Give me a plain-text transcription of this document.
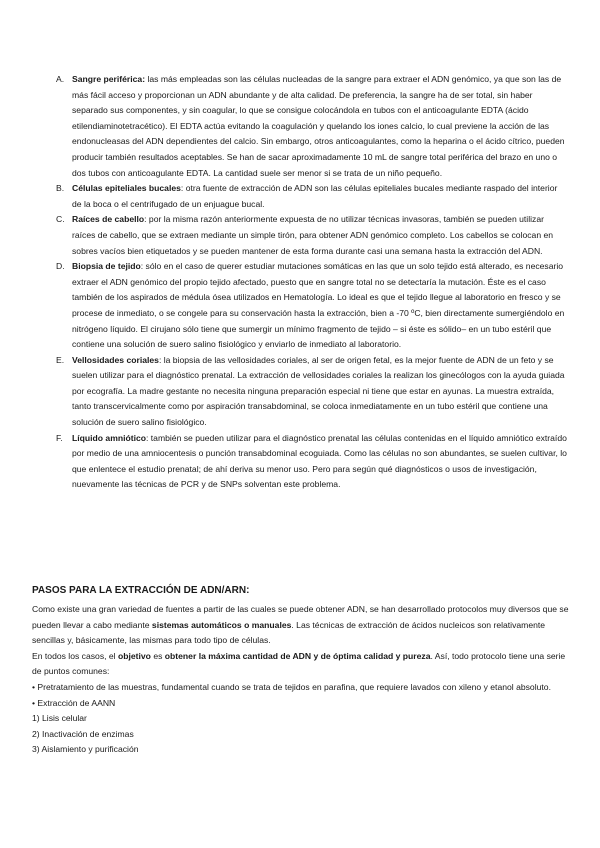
A. Sangre periférica: las más empleadas son las células nucleadas de la sangre para extraer el ADN genómico, ya que son las de más fácil acceso y proporcionan un ADN abundante y de alta calidad. De preferencia, la sangre ha de ser total, sin haber separado sus componentes, y sin coagular, lo que se consigue colocándola en tubos con el anticoagulante EDTA (ácido etilendiaminotetracético). El EDTA actúa evitando la coagulación y quelando los iones calcio, lo cual previene la acción de las endonucleasas del ADN dependientes del calcio. Sin embargo, otros anticoagulantes, como la heparina o el ácido cítrico, pueden producir también resultados aceptables. Se han de sacar aproximadamente 10 mL de sangre total periférica del brazo en uno o dos tubos con anticoagulante EDTA. La cantidad suele ser menor si se trata de un niño pequeño.
B. Células epiteliales bucales: otra fuente de extracción de ADN son las células epiteliales bucales mediante raspado del interior de la boca o el centrifugado de un enjuague bucal.
C. Raíces de cabello: por la misma razón anteriormente expuesta de no utilizar técnicas invasoras, también se pueden utilizar raíces de cabello, que se extraen mediante un simple tirón, para obtener ADN genómico completo. Los cabellos se colocan en sobres vacíos bien etiquetados y se pueden mantener de esta forma durante casi una semana hasta la extracción del ADN.
D. Biopsia de tejido: sólo en el caso de querer estudiar mutaciones somáticas en las que un solo tejido está alterado, es necesario extraer el ADN genómico del propio tejido afectado, puesto que en sangre total no se detectaría la mutación. Éste es el caso también de los aspirados de médula ósea utilizados en Hematología. Lo ideal es que el tejido llegue al laboratorio en fresco y se procese de inmediato, o se congele para su conservación hasta la extracción, bien a -70 ºC, bien directamente sumergiéndolo en nitrógeno líquido. El cirujano sólo tiene que sumergir un mínimo fragmento de tejido – si éste es sólido– en un tubo estéril que contiene una solución de suero salino fisiológico y enviarlo de inmediato al laboratorio.
E. Vellosidades coriales: la biopsia de las vellosidades coriales, al ser de origen fetal, es la mejor fuente de ADN de un feto y se suelen utilizar para el diagnóstico prenatal. La extracción de vellosidades coriales la realizan los ginecólogos con la ayuda guiada por ecografía. La madre gestante no necesita ninguna preparación especial ni tiene que estar en ayunas. La muestra extraída, tanto transcervicalmente como por aspiración transabdominal, se coloca inmediatamente en un tubo estéril que contiene una solución de suero salino fisiológico.
F. Líquido amniótico: también se pueden utilizar para el diagnóstico prenatal las células contenidas en el líquido amniótico extraído por medio de una amniocentesis o punción transabdominal ecoguiada. Como las células no son abundantes, se suelen cultivar, lo que enlentece el estudio prenatal; de ahí deriva su menor uso. Pero para según qué diagnósticos o usos de investigación, nuevamente las técnicas de PCR y de SNPs solventan este problema.
PASOS PARA LA EXTRACCIÓN DE ADN/ARN:

Como existe una gran variedad de fuentes a partir de las cuales se puede obtener ADN, se han desarrollado protocolos muy diversos que se pueden llevar a cabo mediante sistemas automáticos o manuales. Las técnicas de extracción de ácidos nucleicos son relativamente sencillas y, básicamente, las mismas para todo tipo de células.

En todos los casos, el objetivo es obtener la máxima cantidad de ADN y de óptima calidad y pureza. Así, todo protocolo tiene una serie de puntos comunes:

• Pretratamiento de las muestras, fundamental cuando se trata de tejidos en parafina, que requiere lavados con xileno y etanol absoluto.
• Extracción de AANN
1) Lisis celular
2) Inactivación de enzimas
3) Aislamiento y purificación
